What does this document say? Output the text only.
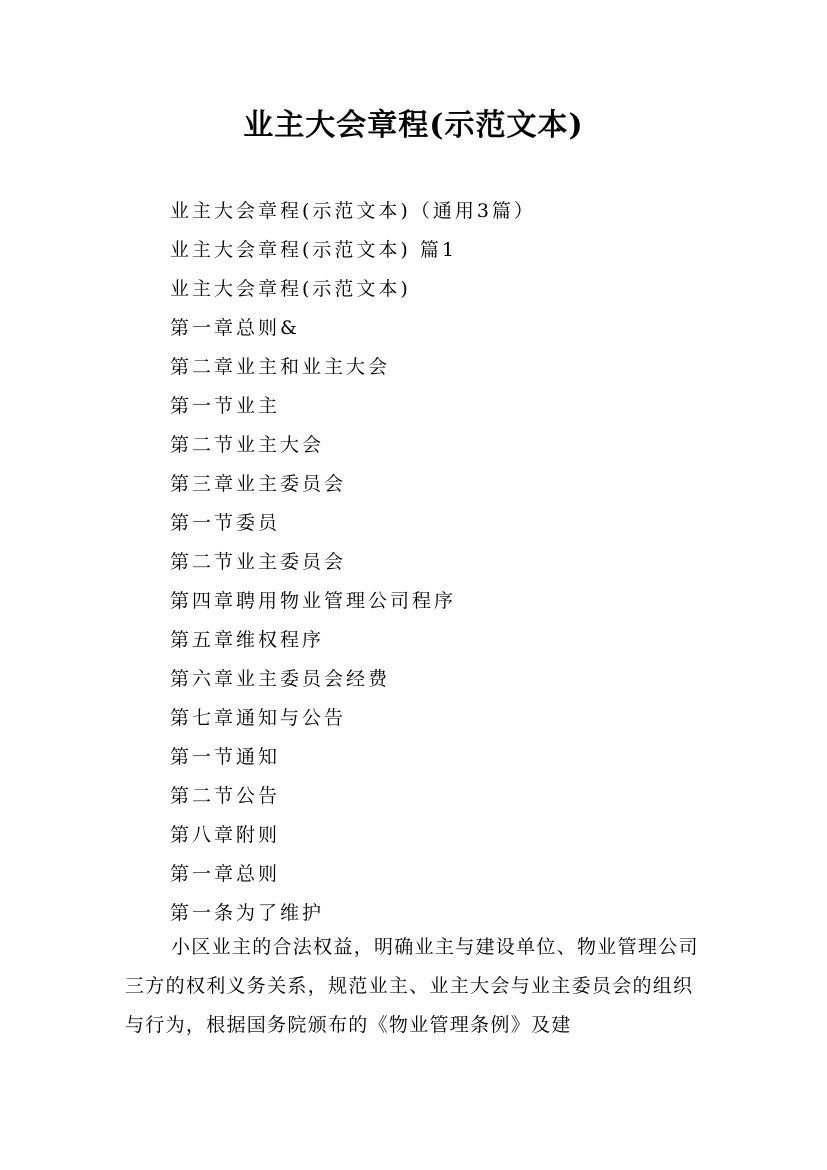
业主大会章程(示范文本)
业主大会章程(示范文本)（通用3篇）
业主大会章程(示范文本) 篇1
业主大会章程(示范文本)
第一章总则&
第二章业主和业主大会
第一节业主
第二节业主大会
第三章业主委员会
第一节委员
第二节业主委员会
第四章聘用物业管理公司程序
第五章维权程序
第六章业主委员会经费
第七章通知与公告
第一节通知
第二节公告
第八章附则
第一章总则
第一条为了维护

小区业主的合法权益，明确业主与建设单位、物业管理公司三方的权利义务关系，规范业主、业主大会与业主委员会的组织与行为，根据国务院颁布的《物业管理条例》及建
